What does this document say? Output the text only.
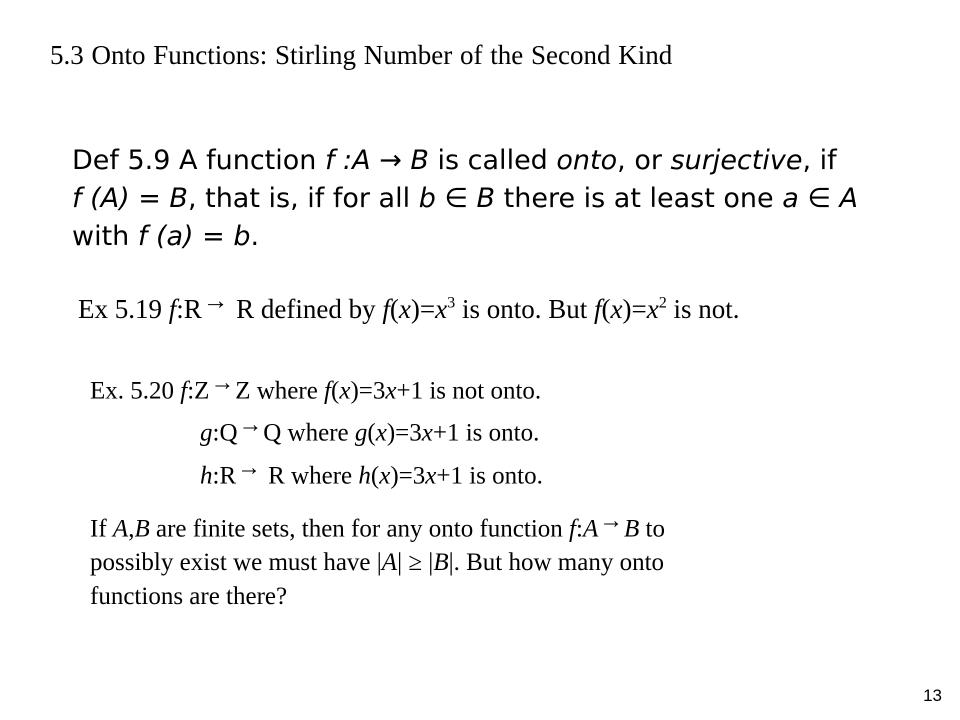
5.3 Onto Functions: Stirling Number of the Second Kind
Def 5.9 A function f :A → B is called onto, or surjective, if
f (A) = B, that is, if for all b ∈ B there is at least one a ∈ A
with f (a) = b.
Ex 5.19 f:R→ R defined by $f(x)=x^3$ is onto. But $f(x)=x^2$ is not.
Ex. 5.20 f:Z→Z where f(x)=3x+1 is not onto.
g:Q→Q where g(x)=3x+1 is onto.
h:R→ R where h(x)=3x+1 is onto.
If A,B are finite sets, then for any onto function f:A→B to
possibly exist we must have |A| ≥ |B|. But how many onto
functions are there?
13
